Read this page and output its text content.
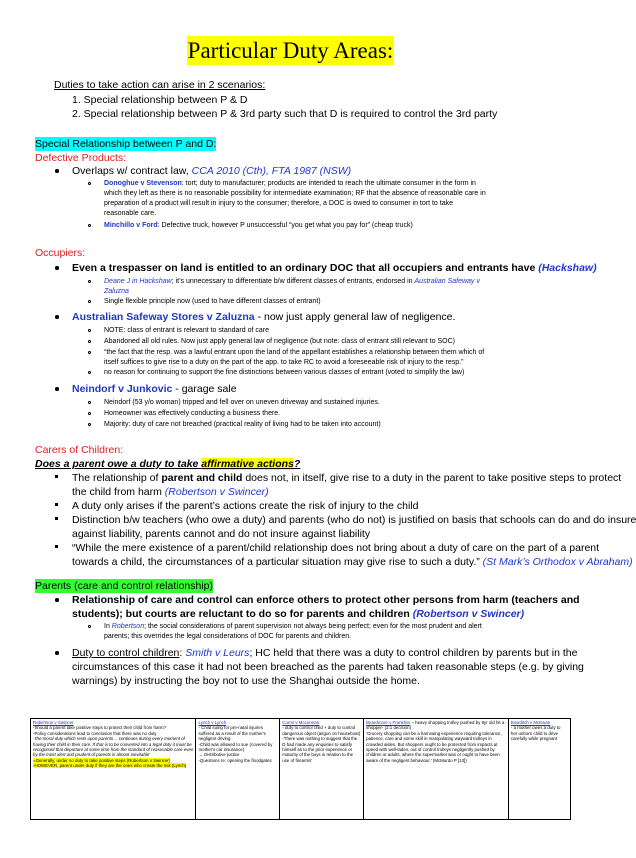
Particular Duty Areas:
Duties to take action can arise in 2 scenarios:
1. Special relationship between P & D
2. Special relationship between P & 3rd party such that D is required to control the 3rd party
Special Relationship between P and D:
Defective Products:
Overlaps w/ contract law, CCA 2010 (Cth), FTA 1987 (NSW)
Donoghue v Stevenson: tort; duty to manufacturer; products are intended to reach the ultimate consumer in the form in
which they left as there is no reasonable possibility for intermediate examination; RF that the absence of reasonable care in
preparation of a product will result in injury to the consumer; therefore, a DOC is owed to consumer in tort to take
reasonable care.
Minchillo v Ford: Defective truck, however P unsuccessful “you get what you pay for” (cheap truck)
Occupiers:
Even a trespasser on land is entitled to an ordinary DOC that all occupiers and entrants have (Hackshaw)
Deane J in Hackshaw; it’s unnecessary to differentiate b/w different classes of entrants, endorsed in Australian Safeway v
Zaluzna
Single flexible principle now (used to have different classes of entrant)
Australian Safeway Stores v Zaluzna - now just apply general law of negligence.
NOTE: class of entrant is relevant to standard of care
Abandoned all old rules. Now just apply general law of negligence (but note: class of entrant still relevant to SOC)
“the fact that the resp. was a lawful entrant upon the land of the appellant establishes a relationship between them which of
itself suffices to give rise to a duty on the part of the app. to take RC to avoid a foreseeable risk of injury to the resp.”
no reason for continuing to support the fine distinctions between various classes of entrant (voted to simplify the law)
Neindorf v Junkovic - garage sale
Neindorf (53 y/o woman) tripped and fell over on uneven driveway and sustained injuries.
Homeowner was effectively conducting a business there.
Majority: duty of care not breached (practical reality of living had to be taken into account)
Carers of Children:
Does a parent owe a duty to take affirmative actions?
The relationship of parent and child does not, in itself, give rise to a duty in the parent to take positive steps to protect
the child from harm (Robertson v Swincer)
A duty only arises if the parent’s actions create the risk of injury to the child
Distinction b/w teachers (who owe a duty) and parents (who do not) is justified on basis that schools can do and do insure
against liability, parents cannot and do not insure against liability
“While the mere existence of a parent/child relationship does not bring about a duty of care on the part of a parent
towards a child, the circumstances of a particular situation may give rise to such a duty.” (St Mark’s Orthodox v Abraham)
Parents (care and control relationship)
Relationship of care and control can enforce others to protect other persons from harm (teachers and
students); but courts are reluctant to do so for parents and children (Robertson v Swincer)
In Robertson; the social considerations of parent supervision not always being perfect; even for the most prudent and alert
parents; this overrides the legal considerations of DOC for parents and children.
Duty to control children: Smith v Leurs; HC held that there was a duty to control children by parents but in the
circumstances of this case it had not been breached as the parents had taken reasonable steps (e.g. by giving
warnings) by instructing the boy not to use the Shanghai outside the home.
Robertson v Swincer
-Should a parent take positive steps to protect their child from harm?
-Policy considerations lead to conclusion that there was no duty
-'the moral duty which rests upon parents… continues during every moment of having their child in their care. If that is to be converted into a legal duty it must be recognised that departure at some time from the standard of reasonable care even by the most alert and prudent of parents is almost inevitable'
=Generally, under no duty to take positive steps (Robertson v Swincer)
-HOWEVER, parent under duty if they are the ones who create the risk (Lynch)

Lynch v Lynch
- Child suing for pre-natal injuries suffered as a result of the mother's negligent driving
-Child was allowed to sue (covered by mother's car insurance)
→ Distributive justice
-Questions re: opening the floodgates

Curmi v McLennan
- duty to control child + duty to control dangerous object (airgun on houseboat)
-There was nothing to suggest that the D had made any enquiries to satisfy himself as to the prior experience or maturity of the boys in relation to the use of firearms'

Beardmore v Franklins – heavy shopping trolley pushed by 8yr old hit a shopper- (2:1 decision)
'Grocery shopping can be a harrowing experience requiring tolerance, patience, care and some skill in manipulating wayward trolleys in crowded aisles. But shoppers ought to be protected from impacts at speed with well-laden, out of control trolleys negligently pushed by children or adults, where the supermarket was or ought to have been aware of the negligent behaviour.' (McMurdo P [13])

Bowditch v McEwan
- a mother owes a duty to her unborn child to drive carefully while pregnant
